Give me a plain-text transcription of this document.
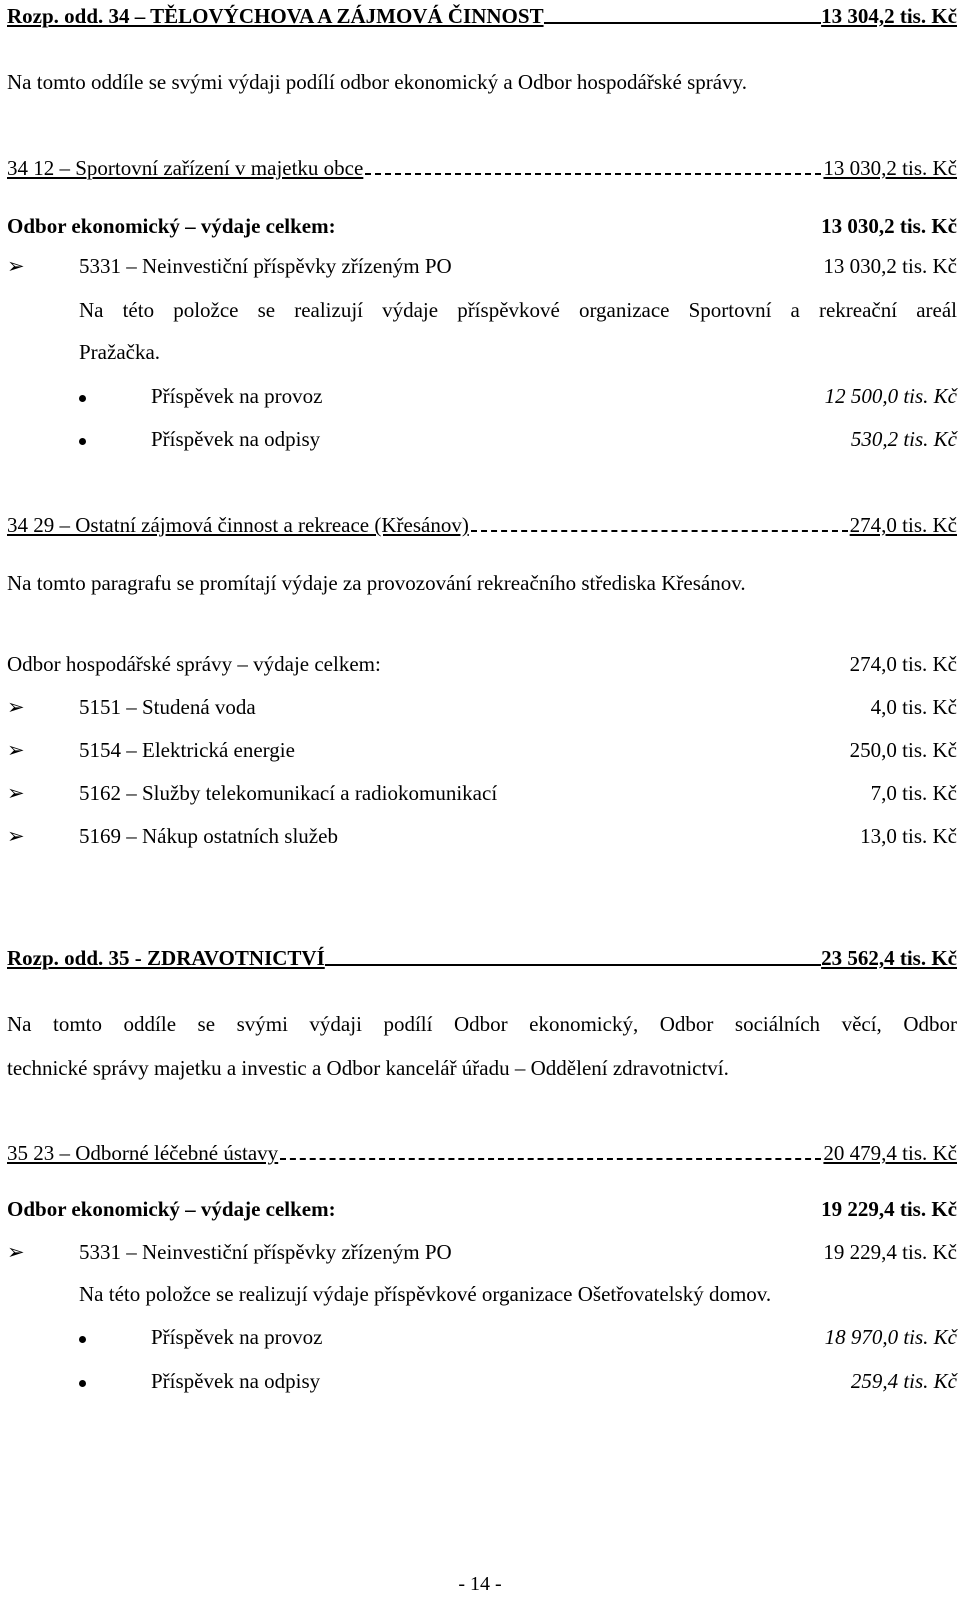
Rozp. odd. 34 – TĚLOVÝCHOVA A ZÁJMOVÁ ČINNOST	13 304,2 tis. Kč
Na tomto oddíle se svými výdaji podílí odbor ekonomický a Odbor hospodářské správy.
34 12 – Sportovní zařízení v majetku obce	13 030,2 tis. Kč
Odbor ekonomický – výdaje celkem:	13 030,2 tis. Kč
➢	5331 – Neinvestiční příspěvky zřízeným PO	13 030,2 tis. Kč
Na této položce se realizují výdaje příspěvkové organizace Sportovní a rekreační areál
Pražačka.
Příspěvek na provoz	12 500,0 tis. Kč
Příspěvek na odpisy	530,2 tis. Kč
34 29 – Ostatní zájmová činnost a rekreace (Křesánov)	274,0 tis. Kč
Na tomto paragrafu se promítají výdaje za provozování rekreačního střediska Křesánov.
Odbor hospodářské správy – výdaje celkem:	274,0 tis. Kč
➢	5151 – Studená voda	4,0 tis. Kč
➢	5154 – Elektrická energie	250,0 tis. Kč
➢	5162 – Služby telekomunikací a radiokomunikací	7,0 tis. Kč
➢	5169 – Nákup ostatních služeb	13,0 tis. Kč
Rozp. odd. 35 - ZDRAVOTNICTVÍ	23 562,4 tis. Kč
Na tomto oddíle se svými výdaji podílí Odbor ekonomický, Odbor sociálních věcí, Odbor
technické správy majetku a investic a Odbor kancelář úřadu – Oddělení zdravotnictví.
35 23 – Odborné léčebné ústavy	20 479,4 tis. Kč
Odbor ekonomický – výdaje celkem:	19 229,4 tis. Kč
➢	5331 – Neinvestiční příspěvky zřízeným PO	19 229,4 tis. Kč
Na této položce se realizují výdaje příspěvkové organizace Ošetřovatelský domov.
Příspěvek na provoz	18 970,0 tis. Kč
Příspěvek na odpisy	259,4 tis. Kč
- 14 -
